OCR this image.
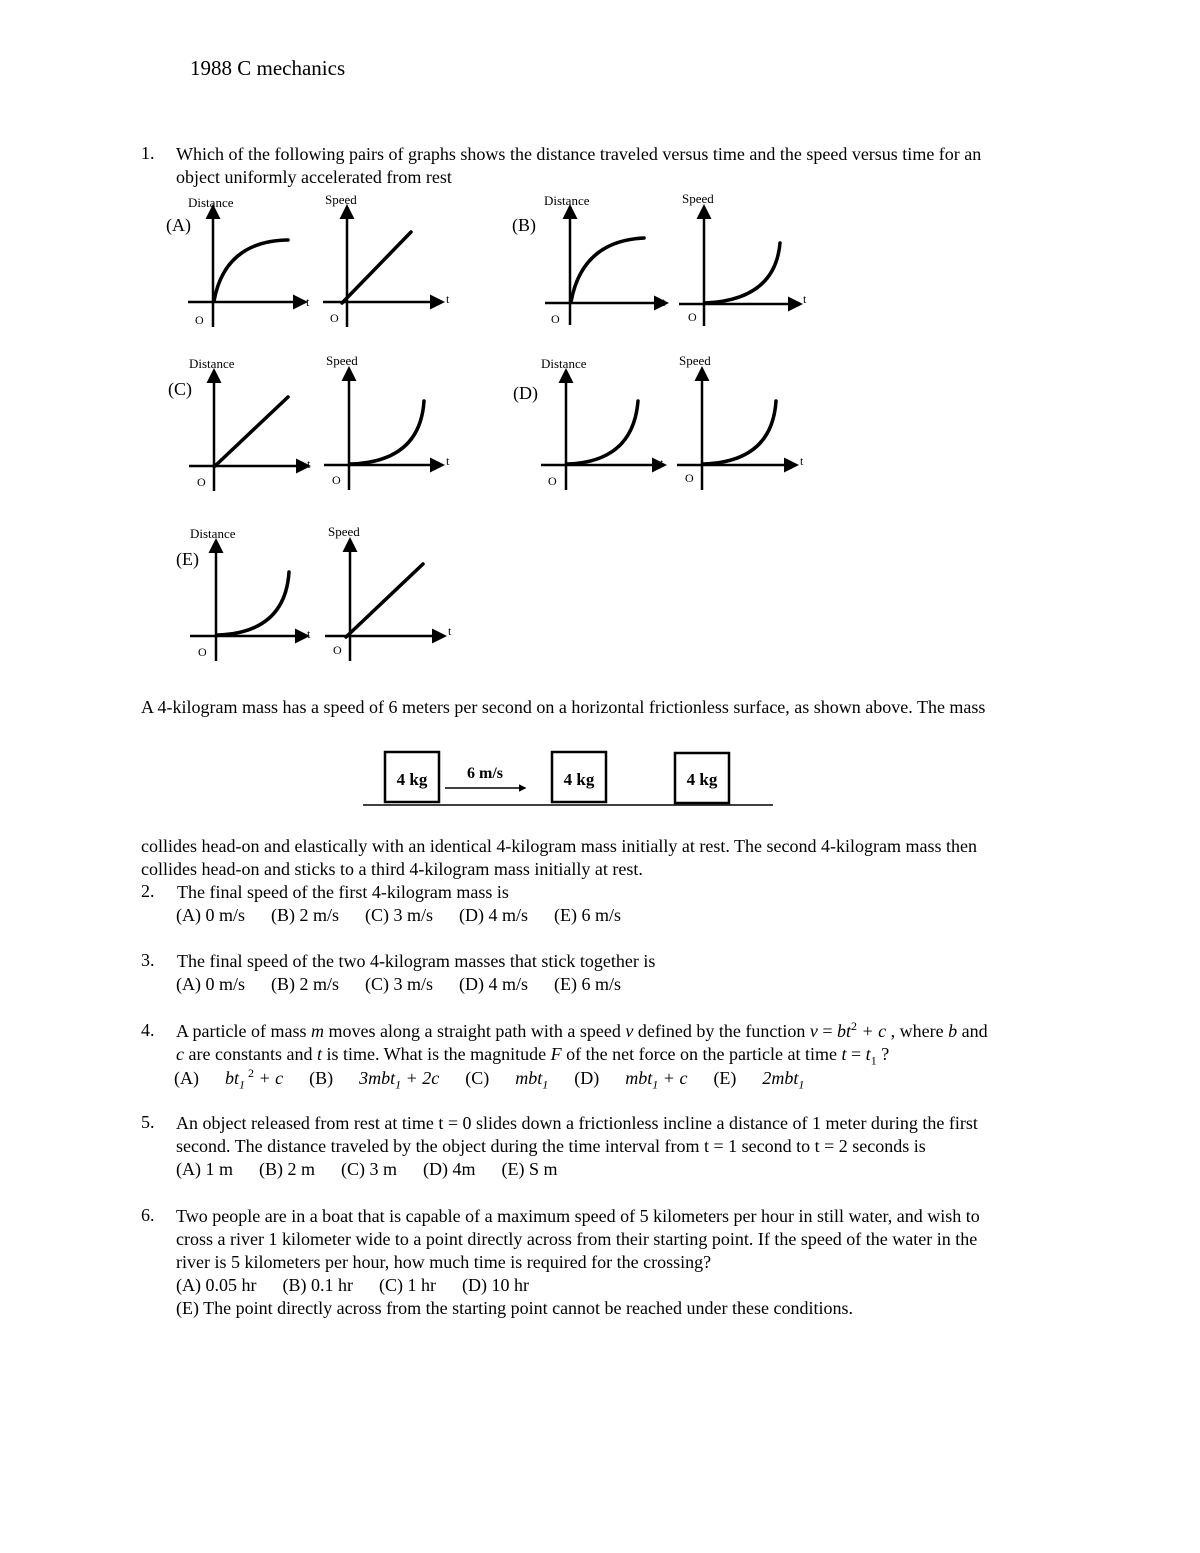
1988 C mechanics
1. Which of the following pairs of graphs shows the distance traveled versus time and the speed versus time for an
object uniformly accelerated from rest
(A)
Distance
t
O
Speed
t
O
(B)
Distance
t
O
Speed
t
O
(C)
Distance
t
O
Speed
t
O
(D)
Distance
t
O
Speed
t
O
(E)
Distance
t
O
Speed
t
O
A 4-kilogram mass has a speed of 6 meters per second on a horizontal frictionless surface, as shown above. The mass
4 kg 6 m/s	4 kg	4 kg
collides head-on and elastically with an identical 4-kilogram mass initially at rest. The second 4-kilogram mass then
collides head-on and sticks to a third 4-kilogram mass initially at rest.
2. The final speed of the first 4-kilogram mass is
(A) 0 m/s (B) 2 m/s (C) 3 m/s (D) 4 m/s (E) 6 m/s
3. The final speed of the two 4-kilogram masses that stick together is
(A) 0 m/s (B) 2 m/s (C) 3 m/s (D) 4 m/s (E) 6 m/s
4. A particle of mass m moves along a straight path with a speed v defined by the function $v = bt^2 + c$ , where b and
c are constants and t is time. What is the magnitude F of the net force on the particle at time $t = t_1$ ?
$(A)bt_1$ $^2$ + c (B)3mbt$_1$ + 2c (C)mbt$_1$ (D)mbt$_1$ + c (E)2mbt$_1$
5. An object released from rest at time t = 0 slides down a frictionless incline a distance of 1 meter during the first
second. The distance traveled by the object during the time interval from t = 1 second to t = 2 seconds is
(A) 1 m (B) 2 m (C) 3 m (D) 4m (E) S m
6. Two people are in a boat that is capable of a maximum speed of 5 kilometers per hour in still water, and wish to
cross a river 1 kilometer wide to a point directly across from their starting point. If the speed of the water in the
river is 5 kilometers per hour, how much time is required for the crossing?
(A) 0.05 hr (B) 0.1 hr (C) 1 hr (D) 10 hr
(E) The point directly across from the starting point cannot be reached under these conditions.
